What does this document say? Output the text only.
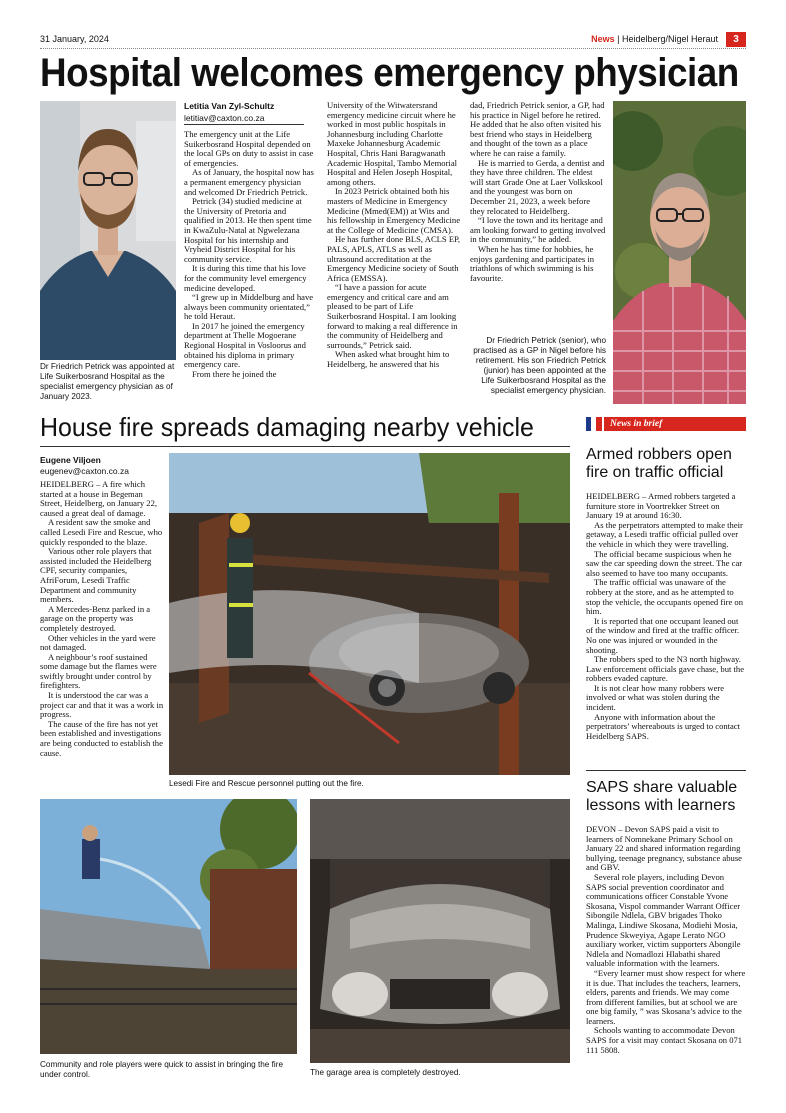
31 January, 2024	News | Heidelberg/Nigel Heraut	3
Hospital welcomes emergency physician
Dr Friedrich Petrick was appointed at Life Suikerbosrand Hospital as the specialist emergency physician as of January 2023.
Letitia Van Zyl-Schultz
letitiav@caxton.co.za

The emergency unit at the Life Suikerbosrand Hospital depended on the local GPs on duty to assist in case of emergencies.

As of January, the hospital now has a permanent emergency physician and welcomed Dr Friedrich Petrick.

Petrick (34) studied medicine at the University of Pretoria and qualified in 2013. He then spent time in KwaZulu-Natal at Ngwelezana Hospital for his internship and Vryheid District Hospital for his community service.

It is during this time that his love for the community level emergency medicine developed.

“I grew up in Middelburg and have always been community orientated,” he told Heraut.

In 2017 he joined the emergency department at Thelle Mogoerane Regional Hospital in Vosloorus and obtained his diploma in primary emergency care.

From there he joined the

University of the Witwatersrand emergency medicine circuit where he worked in most public hospitals in Johannesburg including Charlotte Maxeke Johannesburg Academic Hospital, Chris Hani Baragwanath Academic Hospital, Tambo Memorial Hospital and Helen Joseph Hospital, among others.

In 2023 Petrick obtained both his masters of Medicine in Emergency Medicine (Mmed(EM)) at Wits and his fellowship in Emergency Medicine at the College of Medicine (CMSA).

He has further done BLS, ACLS EP, PALS, APLS, ATLS as well as ultrasound accreditation at the Emergency Medicine society of South Africa (EMSSA).

“I have a passion for acute emergency and critical care and am pleased to be part of Life Suikerbosrand Hospital. I am looking forward to making a real difference in the community of Heidelberg and surrounds,” Petrick said.

When asked what brought him to Heidelberg, he answered that his

dad, Friedrich Petrick senior, a GP, had his practice in Nigel before he retired. He added that he also often visited his best friend who stays in Heidelberg and thought of the town as a place where he can raise a family.

He is married to Gerda, a dentist and they have three children. The eldest will start Grade One at Laer Volkskool and the youngest was born on December 21, 2023, a week before they relocated to Heidelberg.

“I love the town and its heritage and am looking forward to getting involved in the community,” he added.

When he has time for hobbies, he enjoys gardening and participates in triathlons of which swimming is his favourite.

Dr Friedrich Petrick (senior), who practised as a GP in Nigel before his retirement. His son Friedrich Petrick (junior) has been appointed at the Life Suikerbosrand Hospital as the specialist emergency physician.
House fire spreads damaging nearby vehicle
Eugene Viljoen
eugenev@caxton.co.za

HEIDELBERG – A fire which started at a house in Begeman Street, Heidelberg, on January 22, caused a great deal of damage.

A resident saw the smoke and called Lesedi Fire and Rescue, who quickly responded to the blaze.

Various other role players that assisted included the Heidelberg CPF, security companies, AfriForum, Lesedi Traffic Department and community members.

A Mercedes-Benz parked in a garage on the property was completely destroyed.

Other vehicles in the yard were not damaged.

A neighbour’s roof sustained some damage but the flames were swiftly brought under control by firefighters.

It is understood the car was a project car and that it was a work in progress.

The cause of the fire has not yet been established and investigations are being conducted to establish the cause.

Lesedi Fire and Rescue personnel putting out the fire.
Community and role players were quick to assist in bringing the fire under control.	The garage area is completely destroyed.
News in brief
Armed robbers open fire on traffic official

HEIDELBERG – Armed robbers targeted a furniture store in Voortrekker Street on January 19 at around 16:30.

As the perpetrators attempted to make their getaway, a Lesedi traffic official pulled over the vehicle in which they were travelling.

The official became suspicious when he saw the car speeding down the street. The car also seemed to have too many occupants.

The traffic official was unaware of the robbery at the store, and as he attempted to stop the vehicle, the occupants opened fire on him.

It is reported that one occupant leaned out of the window and fired at the traffic officer. No one was injured or wounded in the shooting.

The robbers sped to the N3 north highway. Law enforcement officials gave chase, but the robbers evaded capture.

It is not clear how many robbers were involved or what was stolen during the incident.

Anyone with information about the perpetrators’ whereabouts is urged to contact Heidelberg SAPS.

SAPS share valuable lessons with learners

DEVON – Devon SAPS paid a visit to learners of Nomnekane Primary School on January 22 and shared information regarding bullying, teenage pregnancy, substance abuse and GBV.

Several role players, including Devon SAPS social prevention coordinator and communications officer Constable Yvone Skosana, Vispol commander Warrant Officer Sibongile Ndlela, GBV brigades Thoko Malinga, Lindiwe Skosana, Modiehi Mosia, Prudence Skweyiya, Agape Lerato NGO auxiliary worker, victim supporters Abongile Ndlela and Nomadlozi Hlabathi shared valuable information with the learners.

“Every learner must show respect for where it is due. That includes the teachers, learners, elders, parents and friends. We may come from different families, but at school we are one big family, ” was Skosana’s advice to the learners.

Schools wanting to accommodate Devon SAPS for a visit may contact Skosana on 071 111 5808.
